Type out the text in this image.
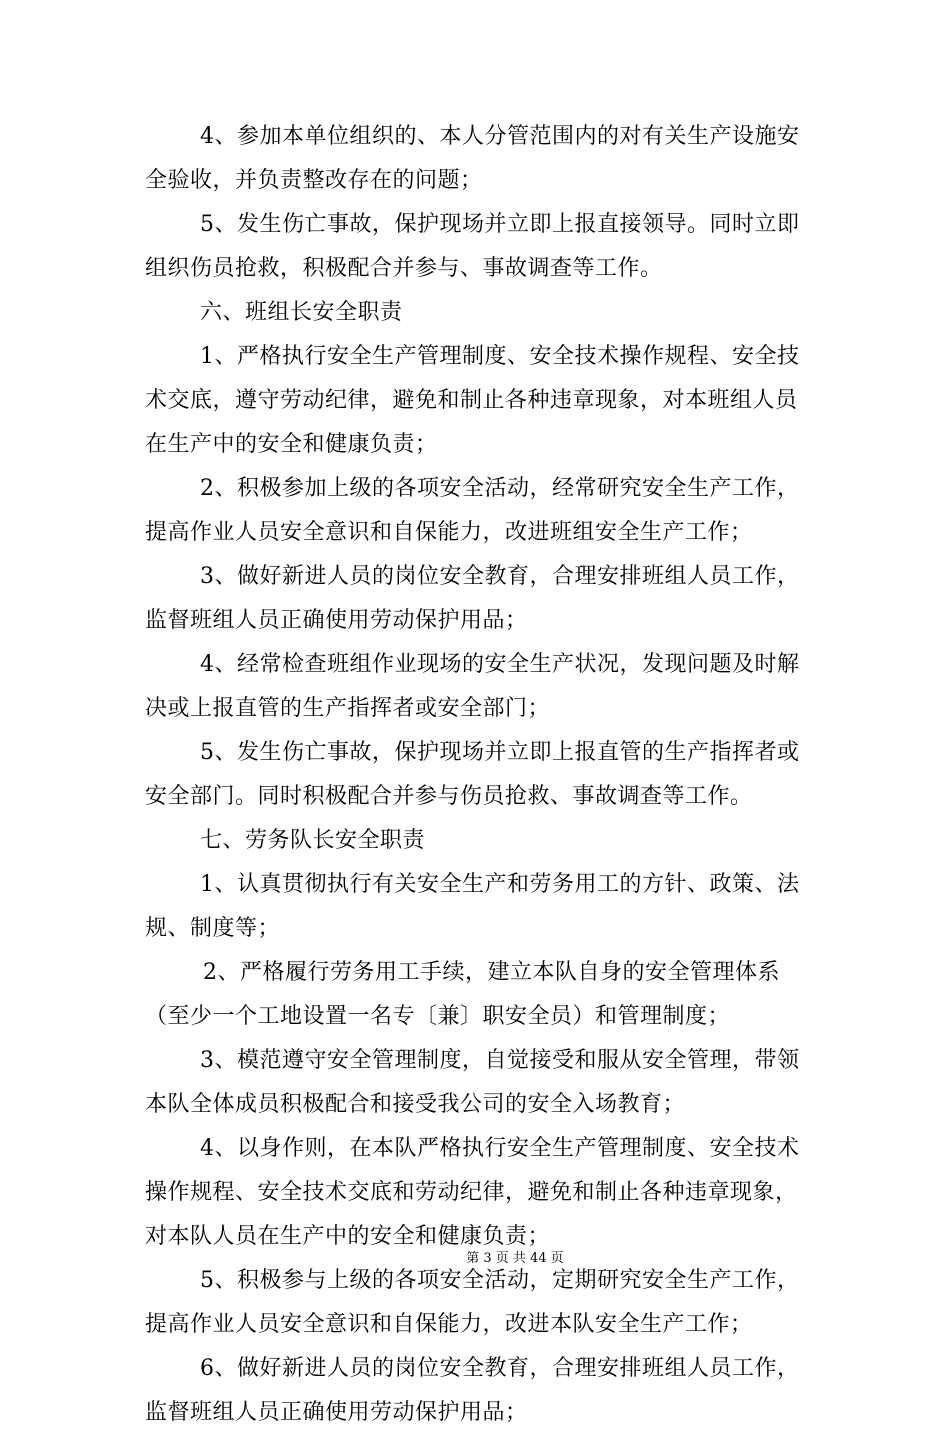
4、参加本单位组织的、本人分管范围内的对有关生产设施安
全验收，并负责整改存在的问题；
5、发生伤亡事故，保护现场并立即上报直接领导。同时立即
组织伤员抢救，积极配合并参与、事故调查等工作。
六、班组长安全职责
1、严格执行安全生产管理制度、安全技术操作规程、安全技
术交底，遵守劳动纪律，避免和制止各种违章现象，对本班组人员
在生产中的安全和健康负责；
2、积极参加上级的各项安全活动，经常研究安全生产工作，
提高作业人员安全意识和自保能力，改进班组安全生产工作；
3、做好新进人员的岗位安全教育，合理安排班组人员工作，
监督班组人员正确使用劳动保护用品；
4、经常检查班组作业现场的安全生产状况，发现问题及时解
决或上报直管的生产指挥者或安全部门；
5、发生伤亡事故，保护现场并立即上报直管的生产指挥者或
安全部门。同时积极配合并参与伤员抢救、事故调查等工作。
七、劳务队长安全职责
1、认真贯彻执行有关安全生产和劳务用工的方针、政策、法
规、制度等；
2、严格履行劳务用工手续，建立本队自身的安全管理体系
（至少一个工地设置一名专〔兼〕职安全员）和管理制度；
3、模范遵守安全管理制度，自觉接受和服从安全管理，带领
本队全体成员积极配合和接受我公司的安全入场教育；
4、以身作则，在本队严格执行安全生产管理制度、安全技术
操作规程、安全技术交底和劳动纪律，避免和制止各种违章现象，
对本队人员在生产中的安全和健康负责；
5、积极参与上级的各项安全活动，定期研究安全生产工作，
提高作业人员安全意识和自保能力，改进本队安全生产工作；
6、做好新进人员的岗位安全教育，合理安排班组人员工作，
监督班组人员正确使用劳动保护用品；
第 3 页 共 44 页
